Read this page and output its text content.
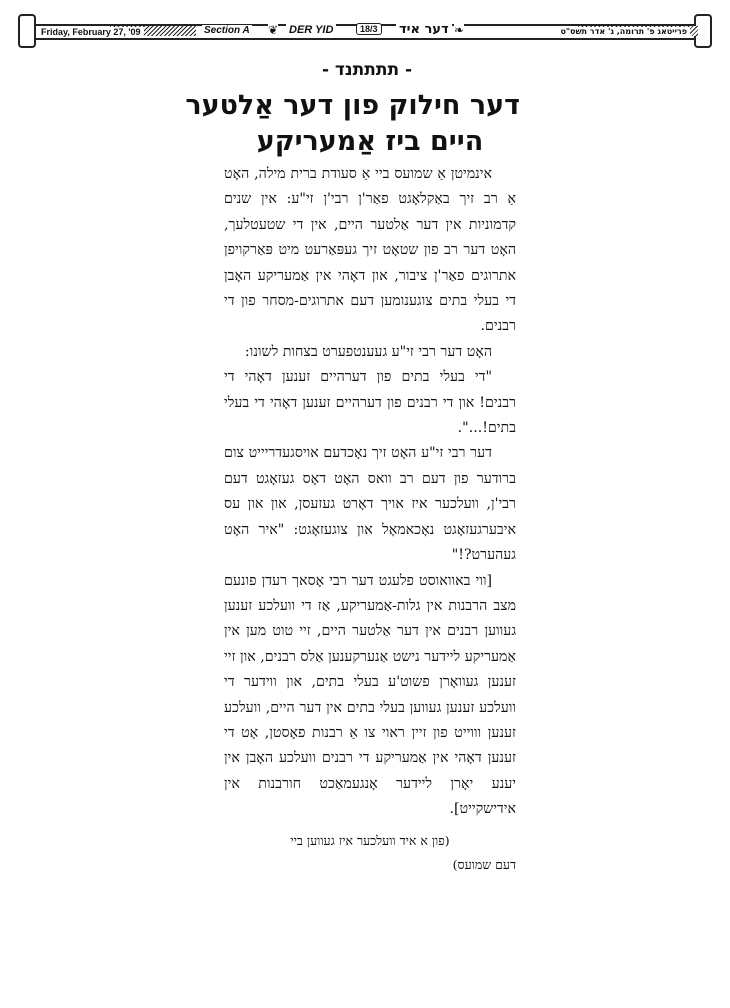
Friday, February 27, '09	Section A ❦ DER YID	18/3	דער איד ❧	פרייטאג פ' תרומה, ג' אדר תשס"ט
- תתתתנד -
דער חילוק פון דער אַלטער
היים ביז אַמעריקע

אינמיטן אַ שמועס ביי אַ סעודת ברית מילה, האָט אַ רב זיך באַקלאָגט פאַר'ן רבי'ן זי"ע: אין שנים קדמוניות אין דער אַלטער היים, אין די שטעטלעך, האָט דער רב פון שטאָט זיך געפּאַרעט מיט פּאַרקויפן אתרוגים פאַר'ן ציבור, און דאָהי אין אַמעריקע האָבן די בעלי בתים צוגענומען דעם אתרוגים-מסחר פון די רבנים.

האָט דער רבי זי"ע געענטפערט בצחות לשונו:

"די בעלי בתים פון דערהיים זענען דאָהי די רבנים! און די רבנים פון דערהיים זענען דאָהי די בעלי בתים!...".

דער רבי זי"ע האָט זיך נאָכדעם אויסגעדריייט צום ברודער פון דעם רב וואס האָט דאָס געזאָגט דעם רבי'ן, וועלכער איז אויך דאָרט געזעסן, און און עס איבערגעזאָגט נאָכאמאָל און צוגעזאָגט: "איר האָט געהערט?!"

[ווי באוואוסט פלעגט דער רבי אָסאך רעדן פונעם מצב הרבנות אין גלות-אַמעריקע, אַז די וועלכע זענען געווען רבנים אין דער אַלטער היים, זיי טוט מען אין אַמעריקע ליידער נישט אַנערקענען אַלס רבנים, און זיי זענען געוואָרן פשוט'ע בעלי בתים, און ווידער די וועלכע זענען געווען בעלי בתים אין דער היים, וועלכע זענען וווייט פון זיין ראוי צו אַ רבנות פאָסטן, אָט די זענען דאָהי אין אַמעריקע די רבנים וועלכע האָבן אין יענע יאָרן ליידער אָנגעמאַכט חורבנות אין אידישקייט].

(פון א איד וועלכער איז געווען ביי
דעם שמועס)
